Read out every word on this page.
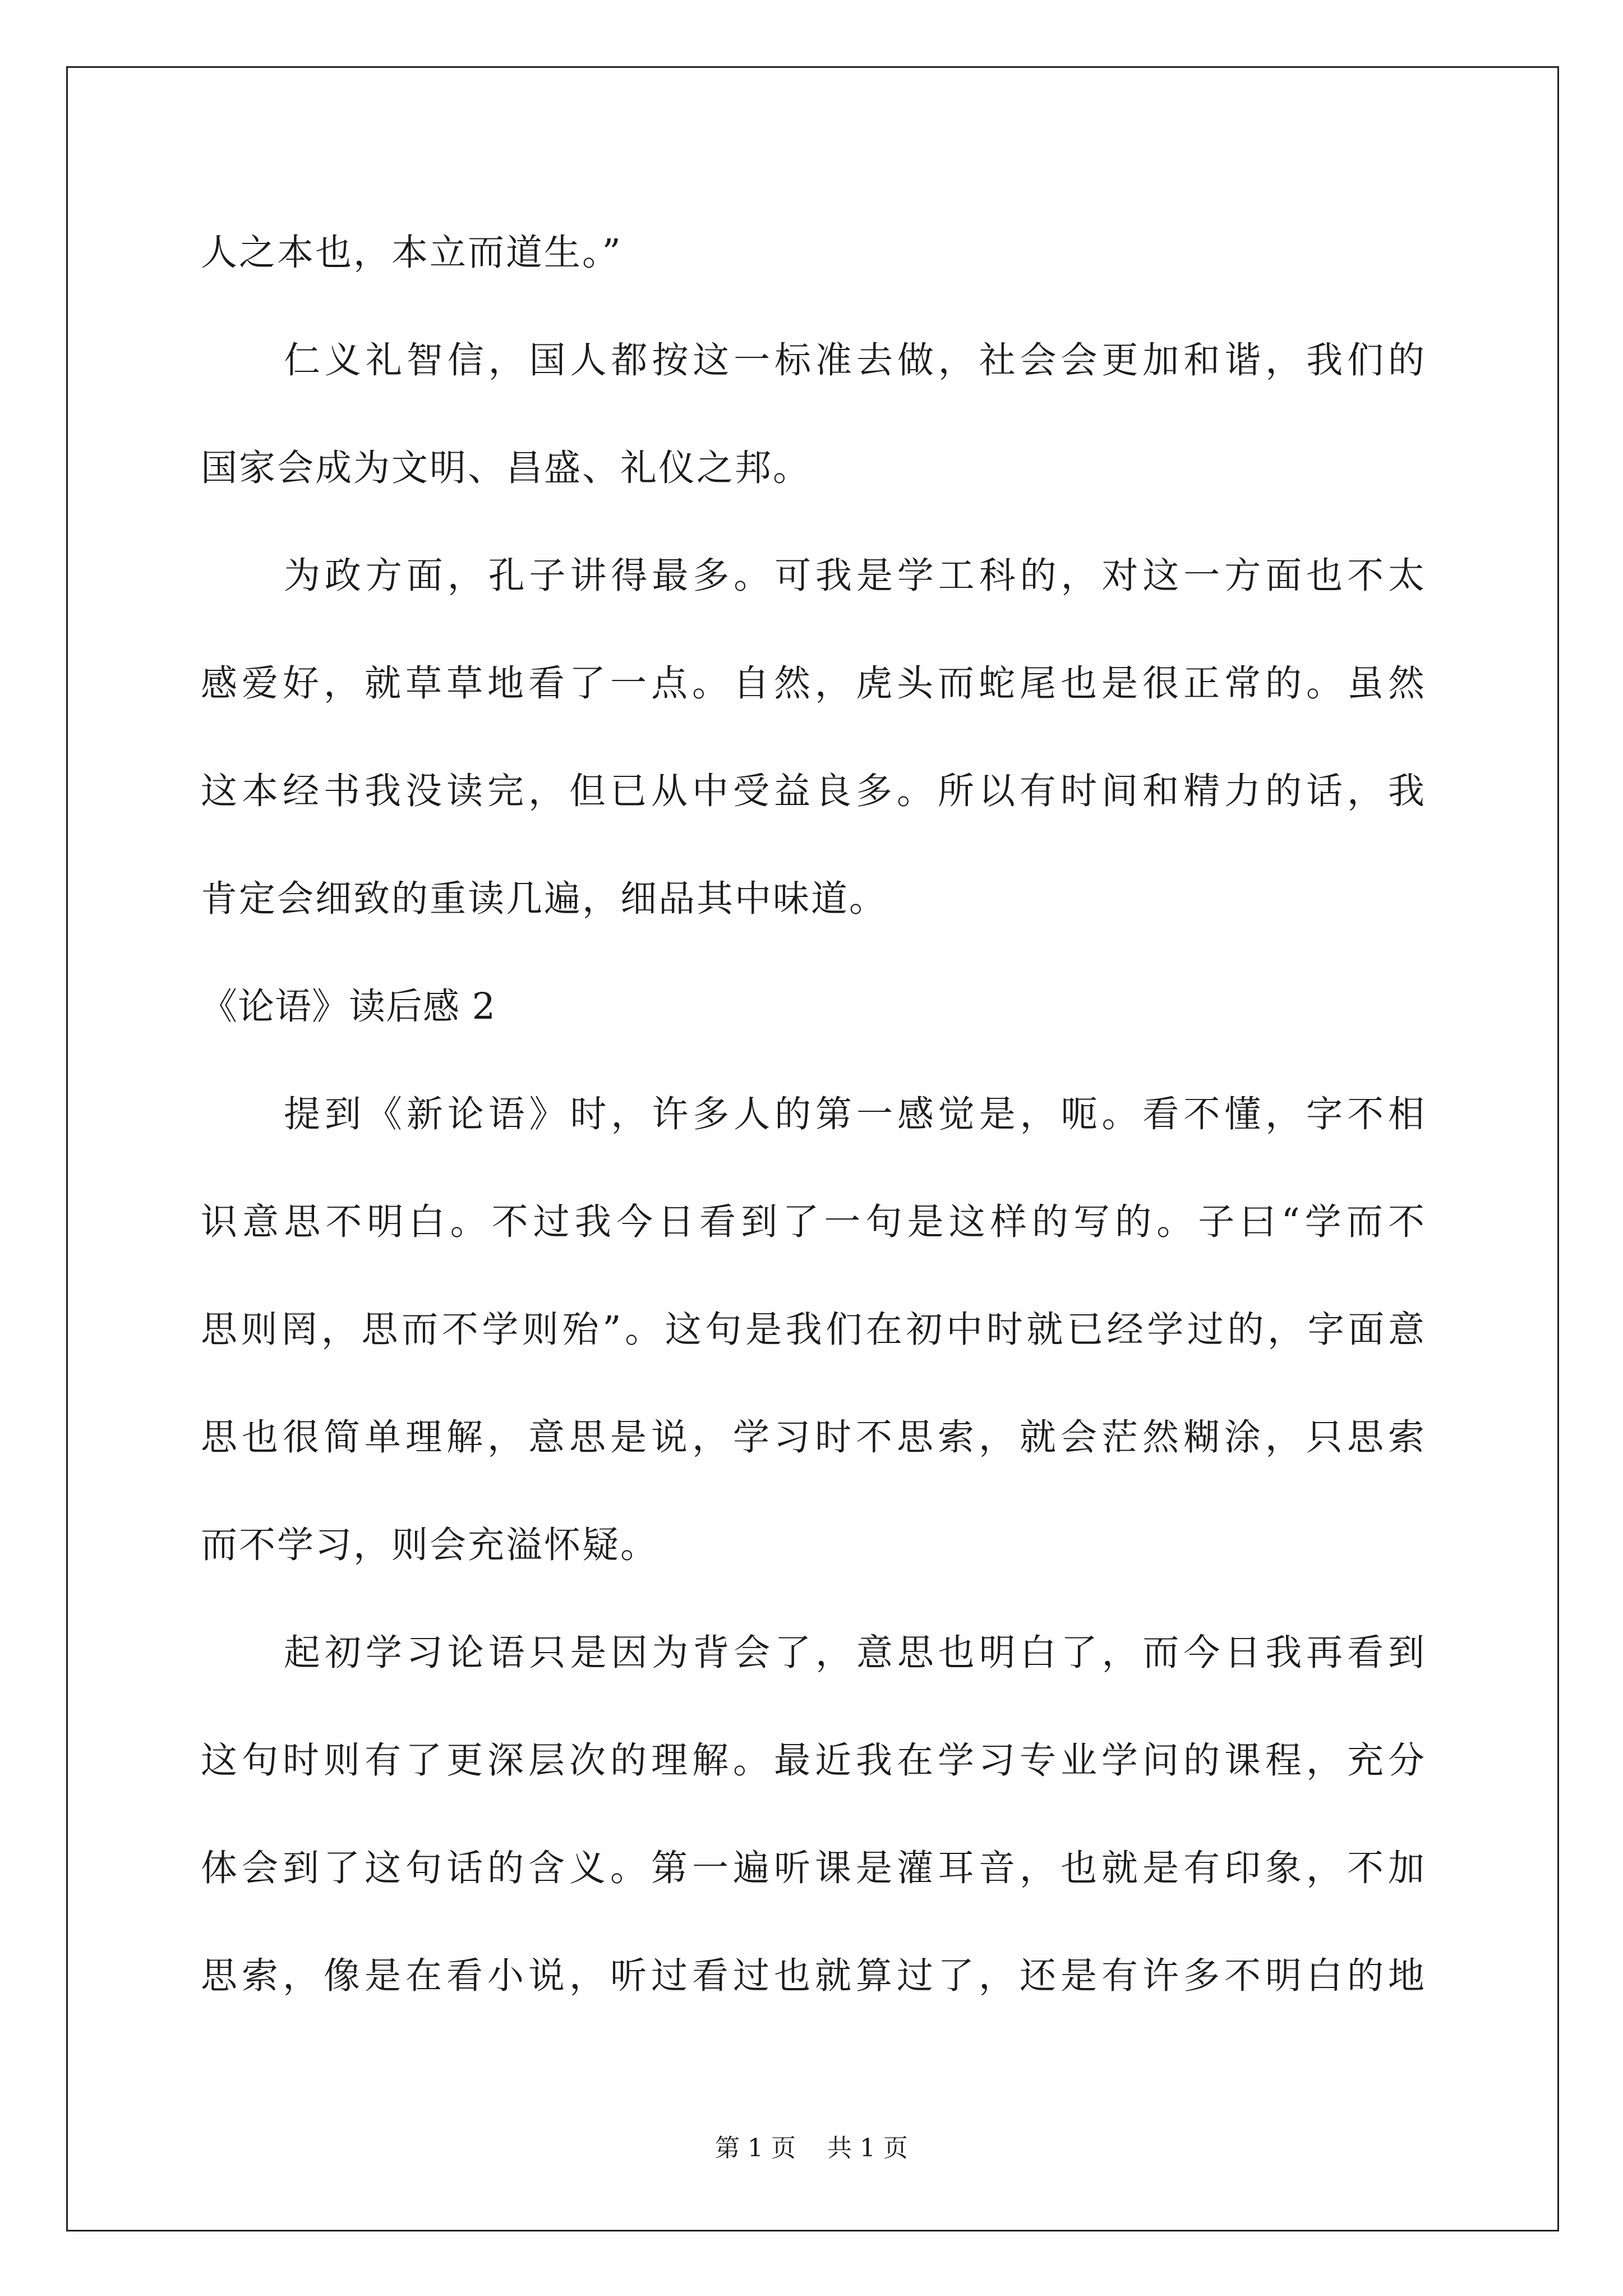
人之本也，本立而道生。”
仁义礼智信，国人都按这一标准去做，社会会更加和谐，我们的
国家会成为文明、昌盛、礼仪之邦。
为政方面，孔子讲得最多。可我是学工科的，对这一方面也不太
感爱好，就草草地看了一点。自然，虎头而蛇尾也是很正常的。虽然
这本经书我没读完，但已从中受益良多。所以有时间和精力的话，我
肯定会细致的重读几遍，细品其中味道。
《论语》读后感 2
提到《新论语》时，许多人的第一感觉是，呃。看不懂，字不相
识意思不明白。不过我今日看到了一句是这样的写的。子曰“学而不
思则罔，思而不学则殆”。这句是我们在初中时就已经学过的，字面意
思也很简单理解，意思是说，学习时不思索，就会茫然糊涂，只思索
而不学习，则会充溢怀疑。
起初学习论语只是因为背会了，意思也明白了，而今日我再看到
这句时则有了更深层次的理解。最近我在学习专业学问的课程，充分
体会到了这句话的含义。第一遍听课是灌耳音，也就是有印象，不加
思索，像是在看小说，听过看过也就算过了，还是有许多不明白的地
第 1 页    共 1 页
